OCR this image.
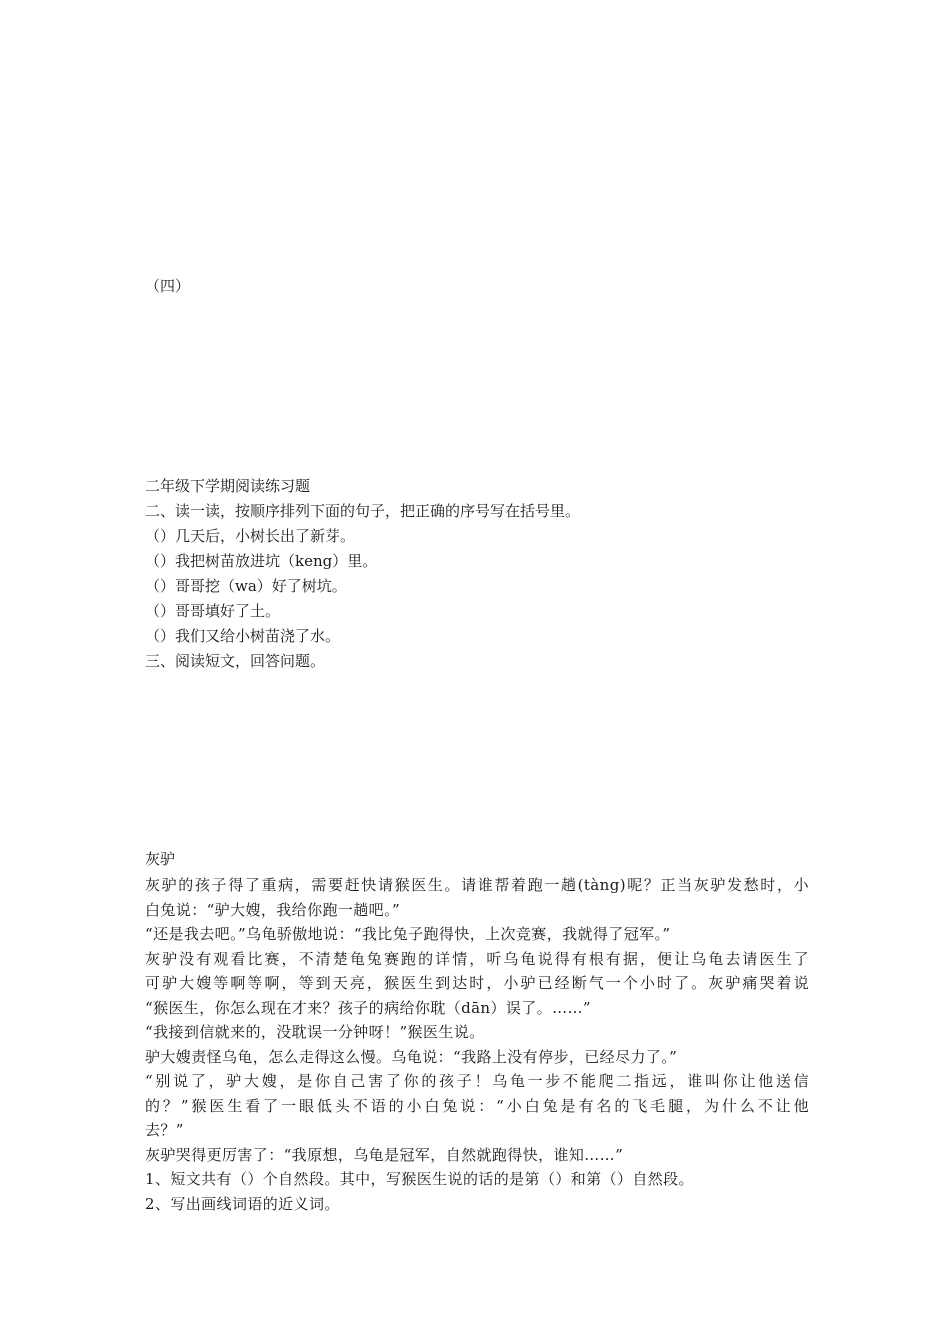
（四）
二年级下学期阅读练习题
二、读一读，按顺序排列下面的句子，把正确的序号写在括号里。
（）几天后，小树长出了新芽。
（）我把树苗放进坑（keng）里。
（）哥哥挖（wa）好了树坑。
（）哥哥填好了土。
（）我们又给小树苗浇了水。
三、阅读短文，回答问题。
灰驴
灰驴的孩子得了重病，需要赶快请猴医生。请谁帮着跑一趟(tàng)呢？正当灰驴发愁时，小
白兔说：“驴大嫂，我给你跑一趟吧。”
“还是我去吧。”乌龟骄傲地说：“我比兔子跑得快，上次竞赛，我就得了冠军。”
灰驴没有观看比赛，不清楚龟兔赛跑的详情，听乌龟说得有根有据，便让乌龟去请医生了
可驴大嫂等啊等啊，等到天亮，猴医生到达时，小驴已经断气一个小时了。灰驴痛哭着说
“猴医生，你怎么现在才来？孩子的病给你耽（dān）误了。……”
“我接到信就来的，没耽误一分钟呀！”猴医生说。
驴大嫂责怪乌龟，怎么走得这么慢。乌龟说：“我路上没有停步，已经尽力了。”
“别说了，驴大嫂，是你自己害了你的孩子！乌龟一步不能爬二指远，谁叫你让他送信
的？”猴医生看了一眼低头不语的小白兔说：“小白兔是有名的飞毛腿，为什么不让他
去？”
灰驴哭得更厉害了：“我原想，乌龟是冠军，自然就跑得快，谁知……”
1、短文共有（）个自然段。其中，写猴医生说的话的是第（）和第（）自然段。
2、写出画线词语的近义词。
